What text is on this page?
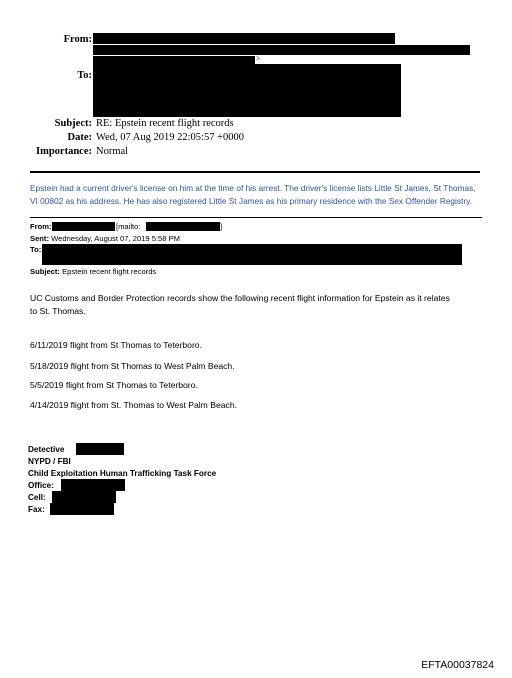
From:
>
To:
Subject: RE: Epstein recent flight records
Date: Wed, 07 Aug 2019 22:05:57 +0000
Importance: Normal
Epstein had a current driver's license on him at the time of his arrest. The driver's license lists Little St James, St Thomas,
VI 00802 as his address. He has also registered Little St James as his primary residence with the Sex Offender Registry.
From:	[mailto:	]
Sent: Wednesday, August 07, 2019 5:58 PM
To:
Subject: Epstein recent flight records
UC Customs and Border Protection records show the following recent flight information for Epstein as it relates
to St. Thomas.
6/11/2019 flight from St Thomas to Teterboro.
5/18/2019 flight from St Thomas to West Palm Beach.
5/5/2019 flight from St Thomas to Teterboro.
4/14/2019 flight from St. Thomas to West Palm Beach.
Detective
NYPD / FBI
Child Exploitation Human Trafficking Task Force
Office:
Cell:
Fax:
EFTA00037824
